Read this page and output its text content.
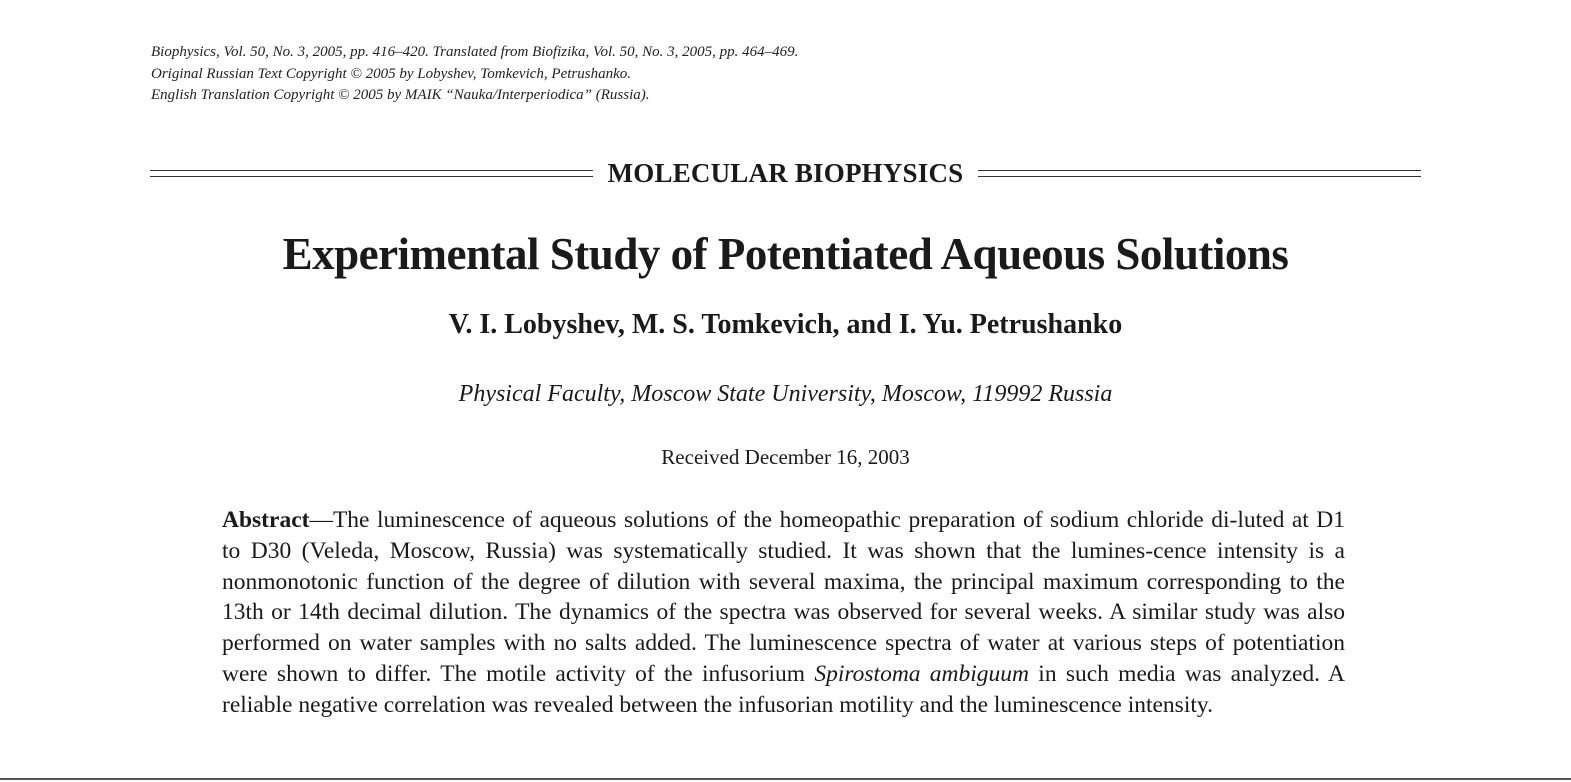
Biophysics, Vol. 50, No. 3, 2005, pp. 416–420. Translated from Biofizika, Vol. 50, No. 3, 2005, pp. 464–469.
Original Russian Text Copyright © 2005 by Lobyshev, Tomkevich, Petrushanko.
English Translation Copyright © 2005 by MAIK “Nauka/Interperiodica” (Russia).
MOLECULAR BIOPHYSICS
Experimental Study of Potentiated Aqueous Solutions
V. I. Lobyshev, M. S. Tomkevich, and I. Yu. Petrushanko
Physical Faculty, Moscow State University, Moscow, 119992 Russia
Received December 16, 2003
Abstract—The luminescence of aqueous solutions of the homeopathic preparation of sodium chloride di-luted at D1 to D30 (Veleda, Moscow, Russia) was systematically studied. It was shown that the lumines-cence intensity is a nonmonotonic function of the degree of dilution with several maxima, the principal maximum corresponding to the 13th or 14th decimal dilution. The dynamics of the spectra was observed for several weeks. A similar study was also performed on water samples with no salts added. The luminescence spectra of water at various steps of potentiation were shown to differ. The motile activity of the infusorium Spirostoma ambiguum in such media was analyzed. A reliable negative correlation was revealed between the infusorian motility and the luminescence intensity.
